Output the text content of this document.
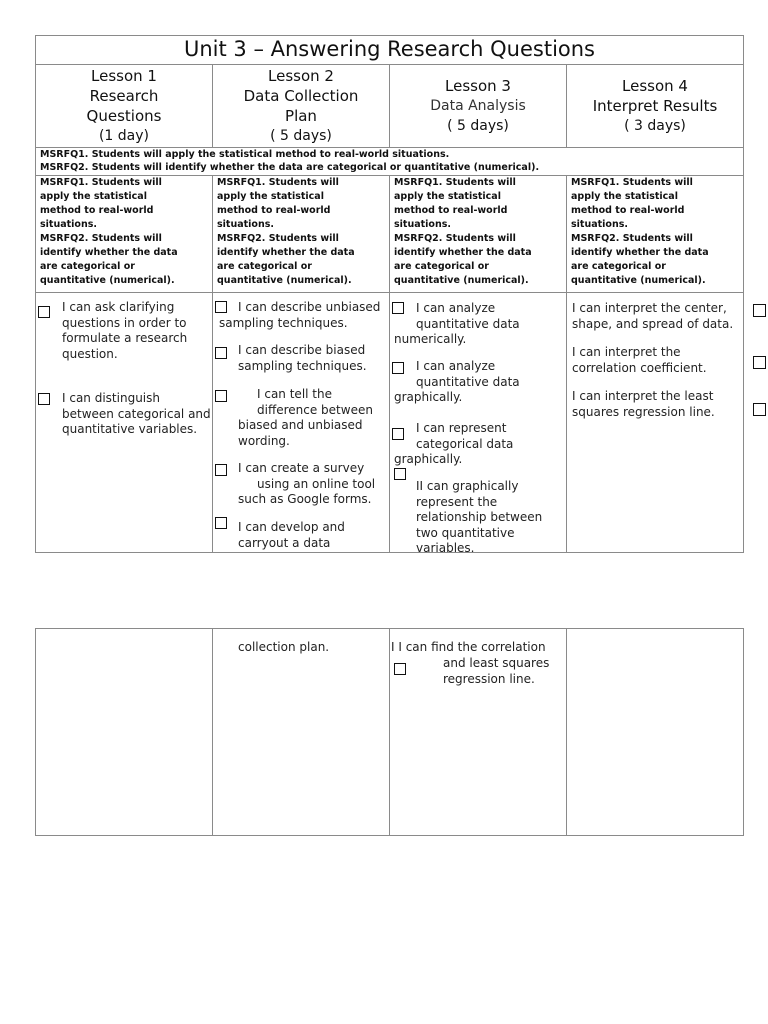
Unit 3 – Answering Research Questions
Lesson 1
Research
Questions
(1 day)
Lesson 2
Data Collection
Plan
( 5 days)
Lesson 3
Data Analysis
( 5 days)
Lesson 4
Interpret Results
( 3 days)
MSRFQ1. Students will apply the statistical method to real-world situations.
MSRFQ2. Students will identify whether the data are categorical or quantitative (numerical).
MSRFQ1. Students will
apply the statistical
method to real-world
situations.
MSRFQ2. Students will
identify whether the data
are categorical or
quantitative (numerical).
MSRFQ1. Students will
apply the statistical
method to real-world
situations.
MSRFQ2. Students will
identify whether the data
are categorical or
quantitative (numerical).
MSRFQ1. Students will
apply the statistical
method to real-world
situations.
MSRFQ2. Students will
identify whether the data
are categorical or
quantitative (numerical).
MSRFQ1. Students will
apply the statistical
method to real-world
situations.
MSRFQ2. Students will
identify whether the data
are categorical or
quantitative (numerical).
I can ask clarifying
questions in order to
formulate a research
question.
I can distinguish
between categorical and
quantitative variables.
I can describe unbiased
sampling techniques.
I can describe biased
sampling techniques.
I can tell the
difference between
biased and unbiased
wording.
I can create a survey
using an online tool
such as Google forms.
I can develop and
carryout a data
I can analyze
quantitative data
numerically.
I can analyze
quantitative data
graphically.
I can represent
categorical data
graphically.
II can graphically
represent the
relationship between
two quantitative
variables.
I can interpret the center,
shape, and spread of data.
I can interpret the
correlation coefficient.
I can interpret the least
squares regression line.
collection plan.	I I can find the correlation
and least squares
regression line.
